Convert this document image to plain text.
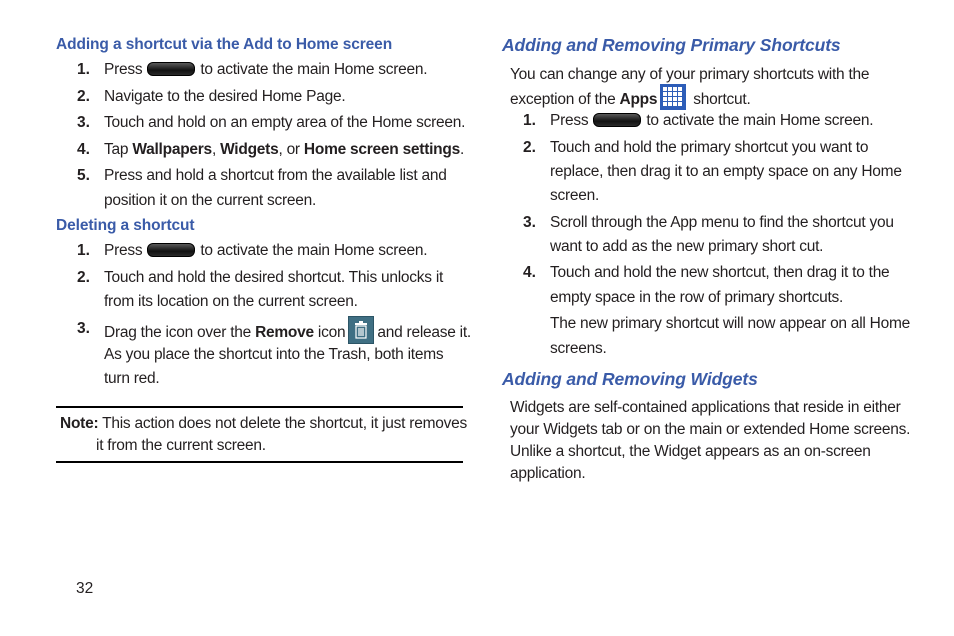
Adding a shortcut via the Add to Home screen
1. Press	to activate the main Home screen.
2. Navigate to the desired Home Page.
3. Touch and hold on an empty area of the Home screen.
4. Tap Wallpapers, Widgets, or Home screen settings.
5. Press and hold a shortcut from the available list and
position it on the current screen.
Deleting a shortcut
1. Press	to activate the main Home screen.
2. Touch and hold the desired shortcut. This unlocks it
from its location on the current screen.
3. Drag the icon over the Remove icon and release it.
As you place the shortcut into the Trash, both items
turn red.
Note: This action does not delete the shortcut, it just removes
it from the current screen.
Adding and Removing Primary Shortcuts
You can change any of your primary shortcuts with the
exception of the Apps
shortcut.
1. Press	to activate the main Home screen.
2. Touch and hold the primary shortcut you want to
replace, then drag it to an empty space on any Home
screen.
3. Scroll through the App menu to find the shortcut you
want to add as the new primary short cut.
4. Touch and hold the new shortcut, then drag it to the
empty space in the row of primary shortcuts.
The new primary shortcut will now appear on all Home
screens.
Adding and Removing Widgets
Widgets are self-contained applications that reside in either
your Widgets tab or on the main or extended Home screens.
Unlike a shortcut, the Widget appears as an on-screen
application.
32
